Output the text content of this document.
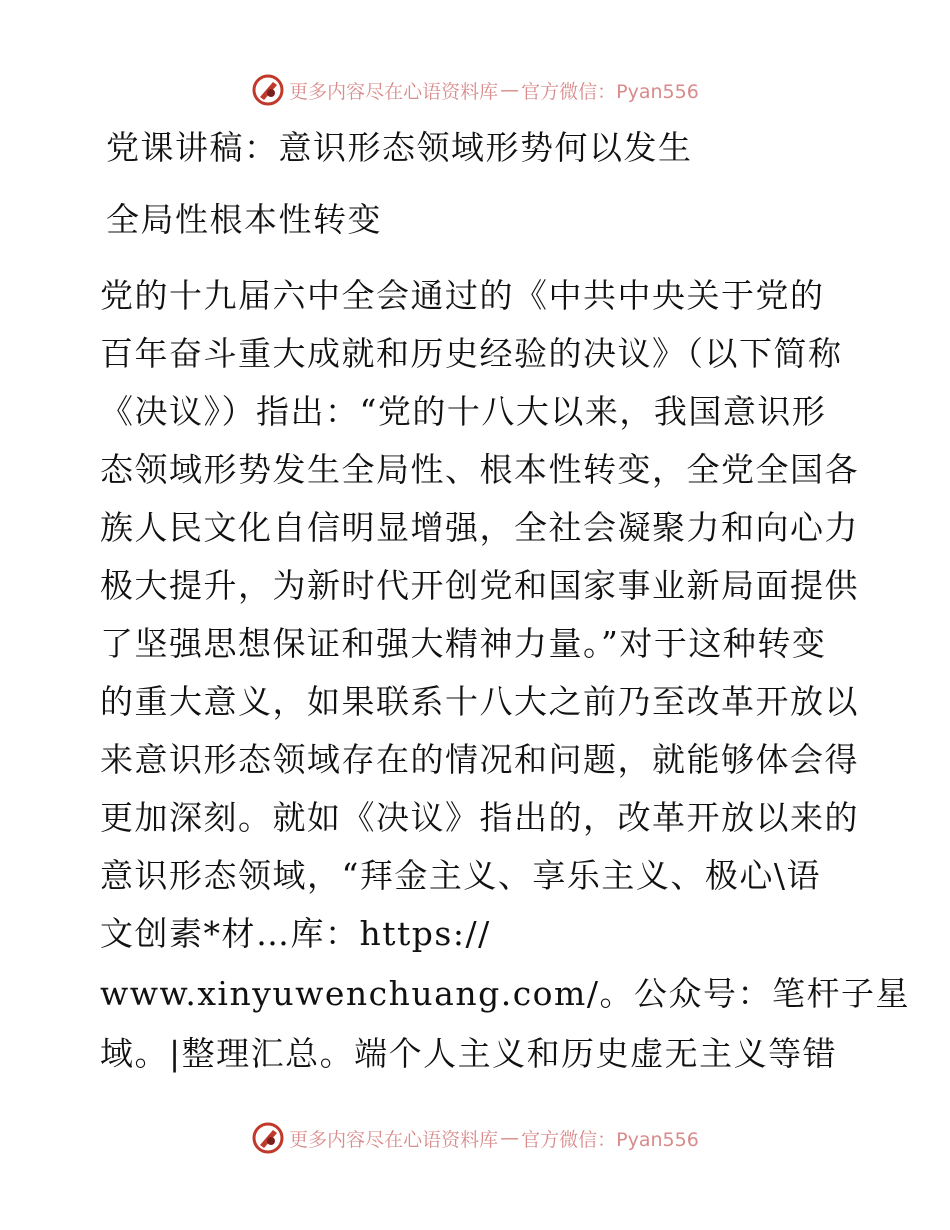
更多内容尽在心语资料库 — 官方微信：Pyan556
党课讲稿：意识形态领域形势何以发生
全局性根本性转变
党的十九届六中全会通过的《中共中央关于党的
百年奋斗重大成就和历史经验的决议》（以下简称
《决议》）指出：“党的十八大以来，我国意识形
态领域形势发生全局性、根本性转变，全党全国各
族人民文化自信明显增强，全社会凝聚力和向心力
极大提升，为新时代开创党和国家事业新局面提供
了坚强思想保证和强大精神力量。”对于这种转变
的重大意义，如果联系十八大之前乃至改革开放以
来意识形态领域存在的情况和问题，就能够体会得
更加深刻。就如《决议》指出的，改革开放以来的
意识形态领域，“拜金主义、享乐主义、极心\语
文创素*材…库：https://
www.xinyuwenchuang.com/。公众号：笔杆子星
域。|整理汇总。端个人主义和历史虚无主义等错
更多内容尽在心语资料库 — 官方微信：Pyan556
